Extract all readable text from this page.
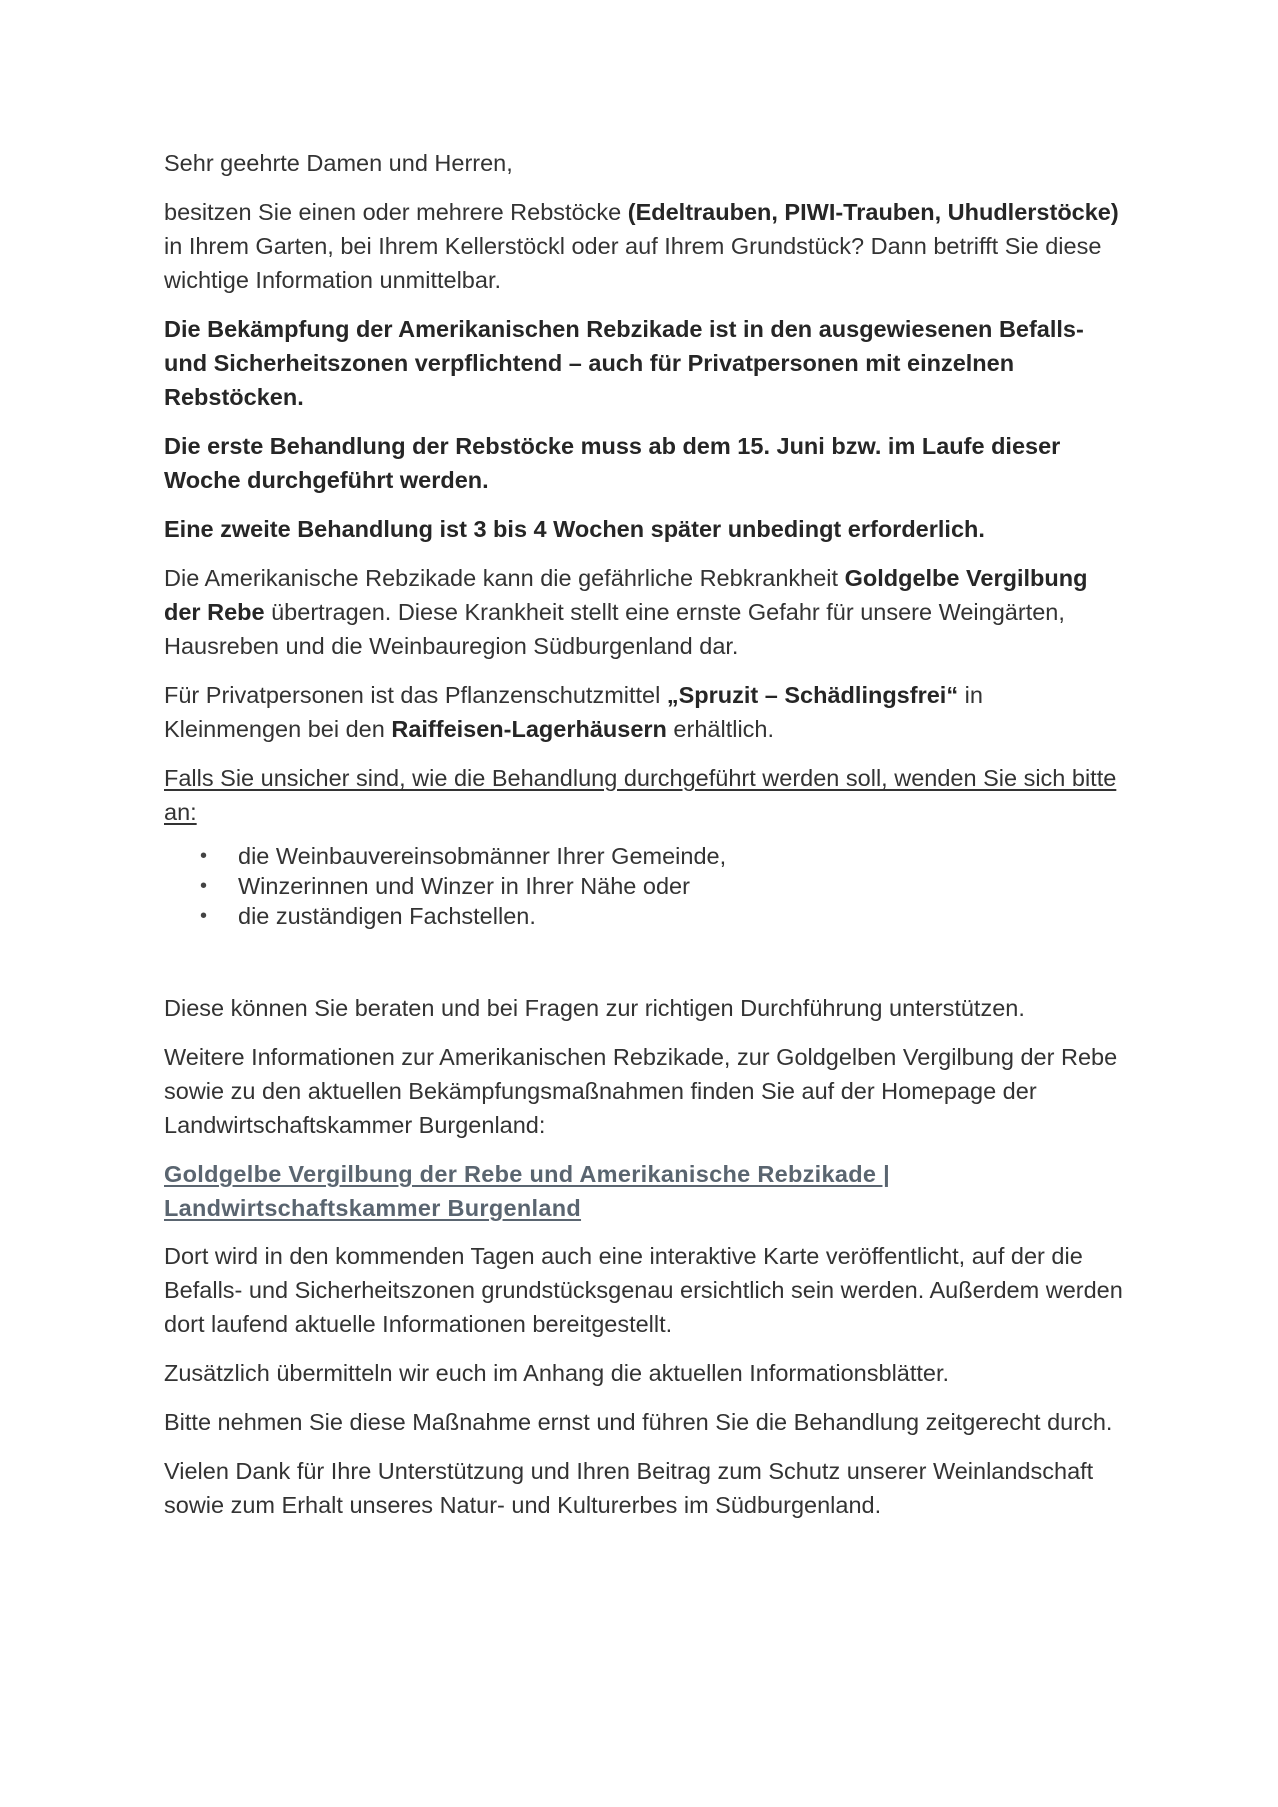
Sehr geehrte Damen und Herren,

besitzen Sie einen oder mehrere Rebstöcke (Edeltrauben, PIWI-Trauben, Uhudlerstöcke) in Ihrem Garten, bei Ihrem Kellerstöckl oder auf Ihrem Grundstück? Dann betrifft Sie diese wichtige Information unmittelbar.

Die Bekämpfung der Amerikanischen Rebzikade ist in den ausgewiesenen Befalls- und Sicherheitszonen verpflichtend – auch für Privatpersonen mit einzelnen Rebstöcken.

Die erste Behandlung der Rebstöcke muss ab dem 15. Juni bzw. im Laufe dieser Woche durchgeführt werden.

Eine zweite Behandlung ist 3 bis 4 Wochen später unbedingt erforderlich.

Die Amerikanische Rebzikade kann die gefährliche Rebkrankheit Goldgelbe Vergilbung der Rebe übertragen. Diese Krankheit stellt eine ernste Gefahr für unsere Weingärten, Hausreben und die Weinbauregion Südburgenland dar.

Für Privatpersonen ist das Pflanzenschutzmittel „Spruzit – Schädlingsfrei“ in Kleinmengen bei den Raiffeisen-Lagerhäusern erhältlich.

Falls Sie unsicher sind, wie die Behandlung durchgeführt werden soll, wenden Sie sich bitte an:

• die Weinbauvereinsobmänner Ihrer Gemeinde,
• Winzerinnen und Winzer in Ihrer Nähe oder
• die zuständigen Fachstellen.

Diese können Sie beraten und bei Fragen zur richtigen Durchführung unterstützen.

Weitere Informationen zur Amerikanischen Rebzikade, zur Goldgelben Vergilbung der Rebe sowie zu den aktuellen Bekämpfungsmaßnahmen finden Sie auf der Homepage der Landwirtschaftskammer Burgenland:

Goldgelbe Vergilbung der Rebe und Amerikanische Rebzikade | Landwirtschaftskammer Burgenland

Dort wird in den kommenden Tagen auch eine interaktive Karte veröffentlicht, auf der die Befalls- und Sicherheitszonen grundstücksgenau ersichtlich sein werden. Außerdem werden dort laufend aktuelle Informationen bereitgestellt.

Zusätzlich übermitteln wir euch im Anhang die aktuellen Informationsblätter.

Bitte nehmen Sie diese Maßnahme ernst und führen Sie die Behandlung zeitgerecht durch.

Vielen Dank für Ihre Unterstützung und Ihren Beitrag zum Schutz unserer Weinlandschaft sowie zum Erhalt unseres Natur- und Kulturerbes im Südburgenland.
